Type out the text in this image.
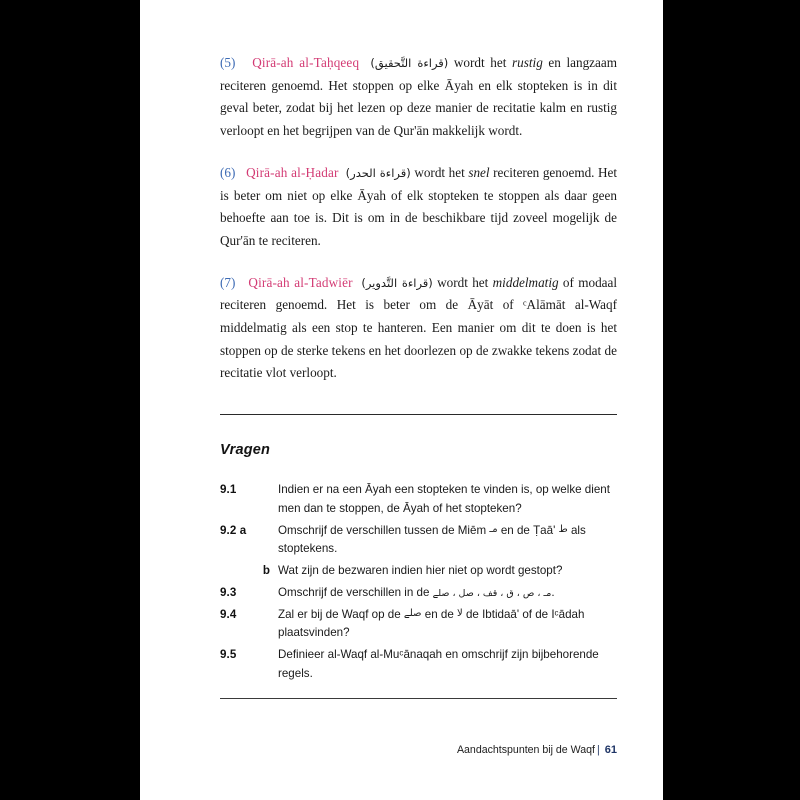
(5) Qirā-ah al-Taḥqeeq (قراءة التَّحقيق) wordt het rustig en langzaam reciteren genoemd. Het stoppen op elke Āyah en elk stopteken is in dit geval beter, zodat bij het lezen op deze manier de recitatie kalm en rustig verloopt en het begrijpen van de Qur'ān makkelijk wordt.

(6) Qirā-ah al-Ḥadar (قراءة الحدر) wordt het snel reciteren genoemd. Het is beter om niet op elke Āyah of elk stopteken te stoppen als daar geen behoefte aan toe is. Dit is om in de beschikbare tijd zoveel mogelijk de Qur'ān te reciteren.

(7) Qirā-ah al-Tadwiēr (قراءة التَّدوير) wordt het middelmatig of modaal reciteren genoemd. Het is beter om de Āyāt of ᶜAlāmāt al-Waqf middelmatig als een stop te hanteren. Een manier om dit te doen is het stoppen op de sterke tekens en het doorlezen op de zwakke tekens zodat de recitatie vlot verloopt.

Vragen
9.1	Indien er na een Āyah een stopteken te vinden is, op welke dient men dan te stoppen, de Āyah of het stopteken?
9.2 a	Omschrijf de verschillen tussen de Miēm مـ en de Ṭaā' ط als stoptekens.
b Wat zijn de bezwaren indien hier niet op wordt gestopt?
9.3	Omschrijf de verschillen in de مـ ، ص ، ق ، قف ، صل ، صلے.
9.4	Zal er bij de Waqf op de صلے en de لا de Ibtidaā' of de Iᶜādah plaatsvinden?
9.5	Definieer al-Waqf al-Muᶜānaqah en omschrijf zijn bijbehorende regels.
Aandachtspunten bij de Waqf | 61
